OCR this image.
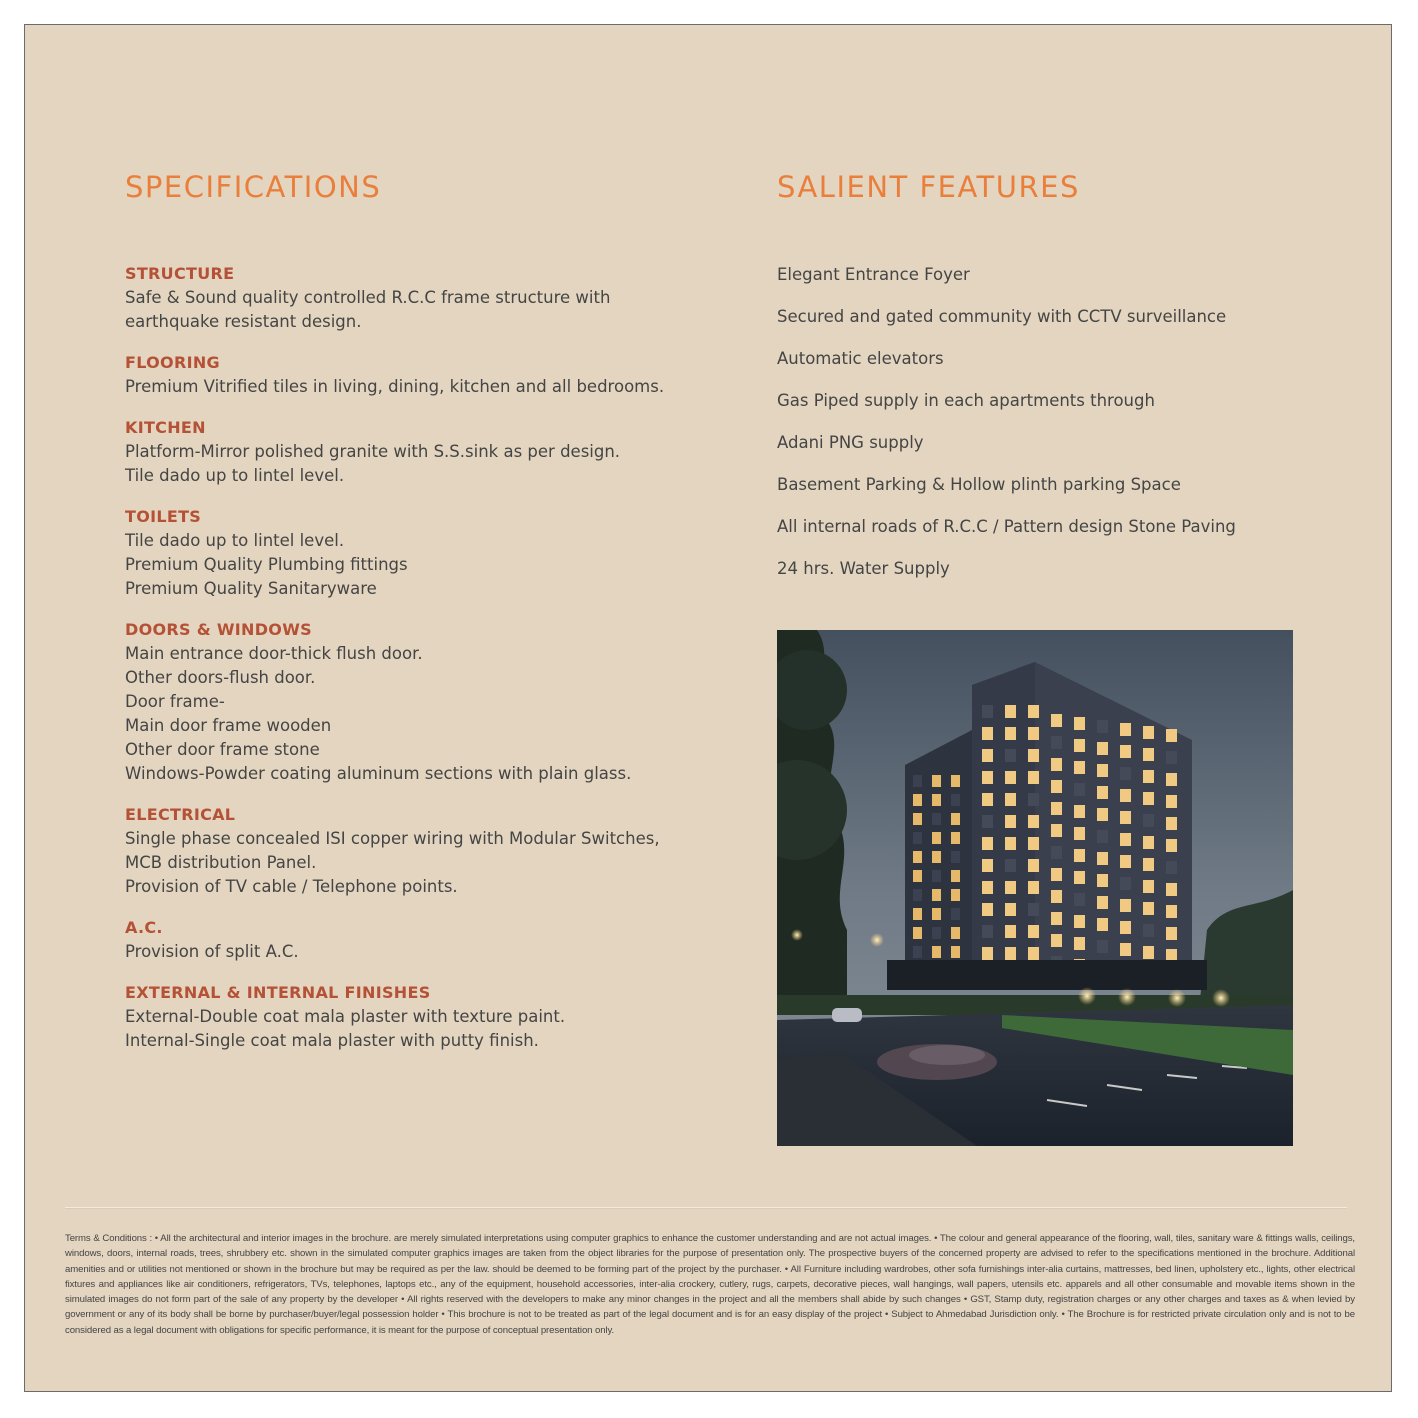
SPECIFICATIONS	SALIENT FEATURES
STRUCTURE
Safe & Sound quality controlled R.C.C frame structure with
earthquake resistant design.
FLOORING
Premium Vitrified tiles in living, dining, kitchen and all bedrooms.
KITCHEN
Platform-Mirror polished granite with S.S.sink as per design.
Tile dado up to lintel level.
TOILETS
Tile dado up to lintel level.
Premium Quality Plumbing fittings
Premium Quality Sanitaryware
DOORS & WINDOWS
Main entrance door-thick flush door.
Other doors-flush door.
Door frame-
Main door frame wooden
Other door frame stone
Windows-Powder coating aluminum sections with plain glass.
ELECTRICAL
Single phase concealed ISI copper wiring with Modular Switches,
MCB distribution Panel.
Provision of TV cable / Telephone points.
A.C.
Provision of split A.C.
EXTERNAL & INTERNAL FINISHES
External-Double coat mala plaster with texture paint.
Internal-Single coat mala plaster with putty finish.
Elegant Entrance Foyer
Secured and gated community with CCTV surveillance
Automatic elevators
Gas Piped supply in each apartments through
Adani PNG supply
Basement Parking & Hollow plinth parking Space
All internal roads of R.C.C / Pattern design Stone Paving
24 hrs. Water Supply
Terms & Conditions : • All the architectural and interior images in the brochure. are merely simulated interpretations using computer graphics to enhance the customer understanding and are not actual images. • The colour and general appearance of the flooring, wall, tiles, sanitary ware & fittings walls, ceilings, windows, doors, internal roads, trees, shrubbery etc. shown in the simulated computer graphics images are taken from the object libraries for the purpose of presentation only. The prospective buyers of the concerned property are advised to refer to the specifications mentioned in the brochure. Additional amenities and or utilities not mentioned or shown in the brochure but may be required as per the law. should be deemed to be forming part of the project by the purchaser. • All Furniture including wardrobes, other sofa furnishings inter-alia curtains, mattresses, bed linen, upholstery etc., lights, other electrical fixtures and appliances like air conditioners, refrigerators, TVs, telephones, laptops etc., any of the equipment, household accessories, inter-alia crockery, cutlery, rugs, carpets, decorative pieces, wall hangings, wall papers, utensils etc. apparels and all other consumable and movable items shown in the simulated images do not form part of the sale of any property by the developer • All rights reserved with the developers to make any minor changes in the project and all the members shall abide by such changes • GST, Stamp duty, registration charges or any other charges and taxes as & when levied by government or any of its body shall be borne by purchaser/buyer/legal possession holder • This brochure is not to be treated as part of the legal document and is for an easy display of the project • Subject to Ahmedabad Jurisdiction only. • The Brochure is for restricted private circulation only and is not to be considered as a legal document with obligations for specific performance, it is meant for the purpose of conceptual presentation only.
